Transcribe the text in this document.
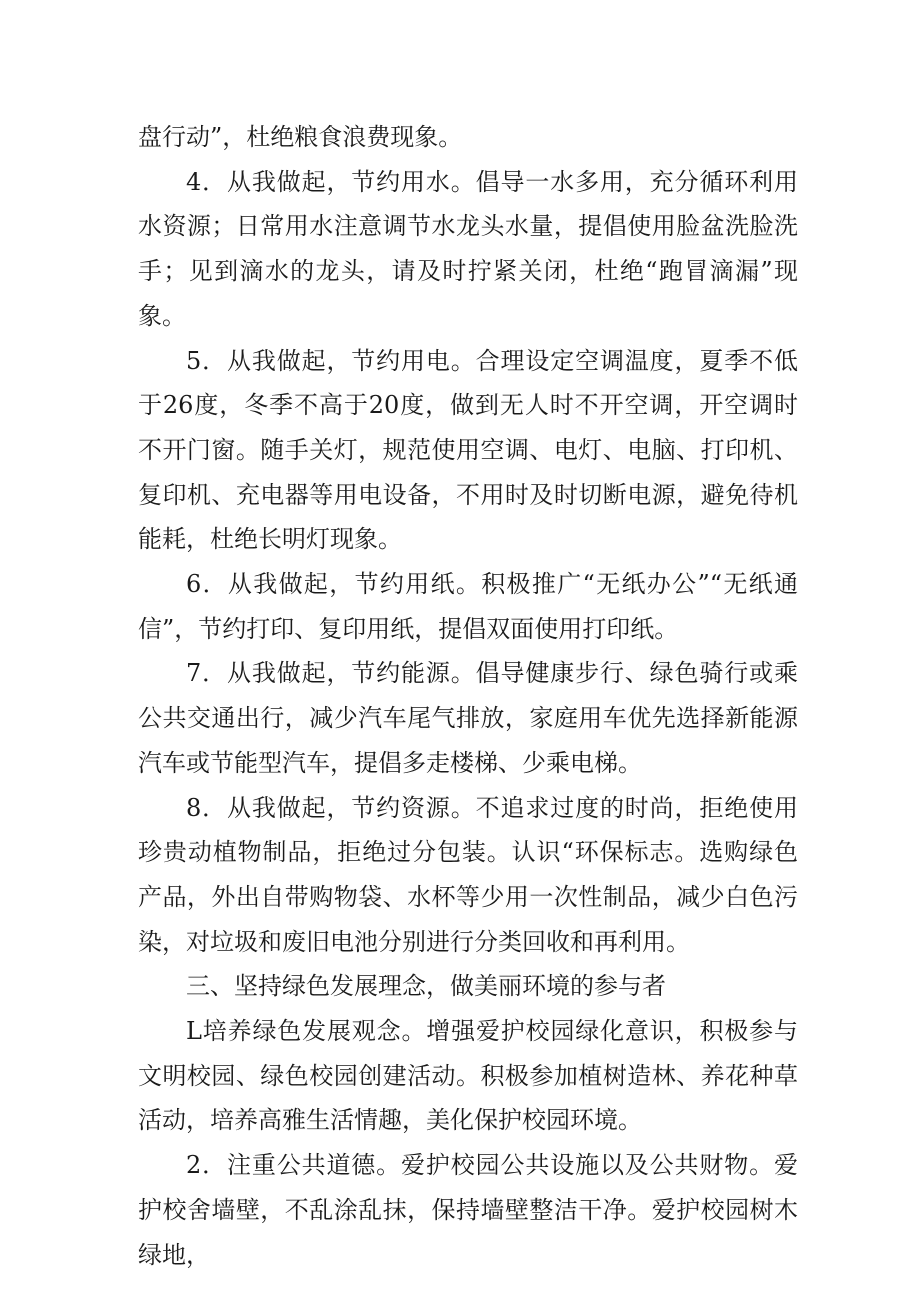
盘行动”，杜绝粮食浪费现象。

4．从我做起，节约用水。倡导一水多用，充分循环利用水资源；日常用水注意调节水龙头水量，提倡使用脸盆洗脸洗手；见到滴水的龙头，请及时拧紧关闭，杜绝“跑冒滴漏”现象。

5．从我做起，节约用电。合理设定空调温度，夏季不低于26度，冬季不高于20度，做到无人时不开空调，开空调时不开门窗。随手关灯，规范使用空调、电灯、电脑、打印机、复印机、充电器等用电设备，不用时及时切断电源，避免待机能耗，杜绝长明灯现象。

6．从我做起，节约用纸。积极推广“无纸办公”“无纸通信”，节约打印、复印用纸，提倡双面使用打印纸。

7．从我做起，节约能源。倡导健康步行、绿色骑行或乘公共交通出行，减少汽车尾气排放，家庭用车优先选择新能源汽车或节能型汽车，提倡多走楼梯、少乘电梯。

8．从我做起，节约资源。不追求过度的时尚，拒绝使用珍贵动植物制品，拒绝过分包装。认识“环保标志。选购绿色产品，外出自带购物袋、水杯等少用一次性制品，减少白色污染，对垃圾和废旧电池分别进行分类回收和再利用。

三、坚持绿色发展理念，做美丽环境的参与者

L培养绿色发展观念。增强爱护校园绿化意识，积极参与文明校园、绿色校园创建活动。积极参加植树造林、养花种草活动，培养高雅生活情趣，美化保护校园环境。

2．注重公共道德。爱护校园公共设施以及公共财物。爱护校舍墙壁，不乱涂乱抹，保持墙壁整洁干净。爱护校园树木绿地，
